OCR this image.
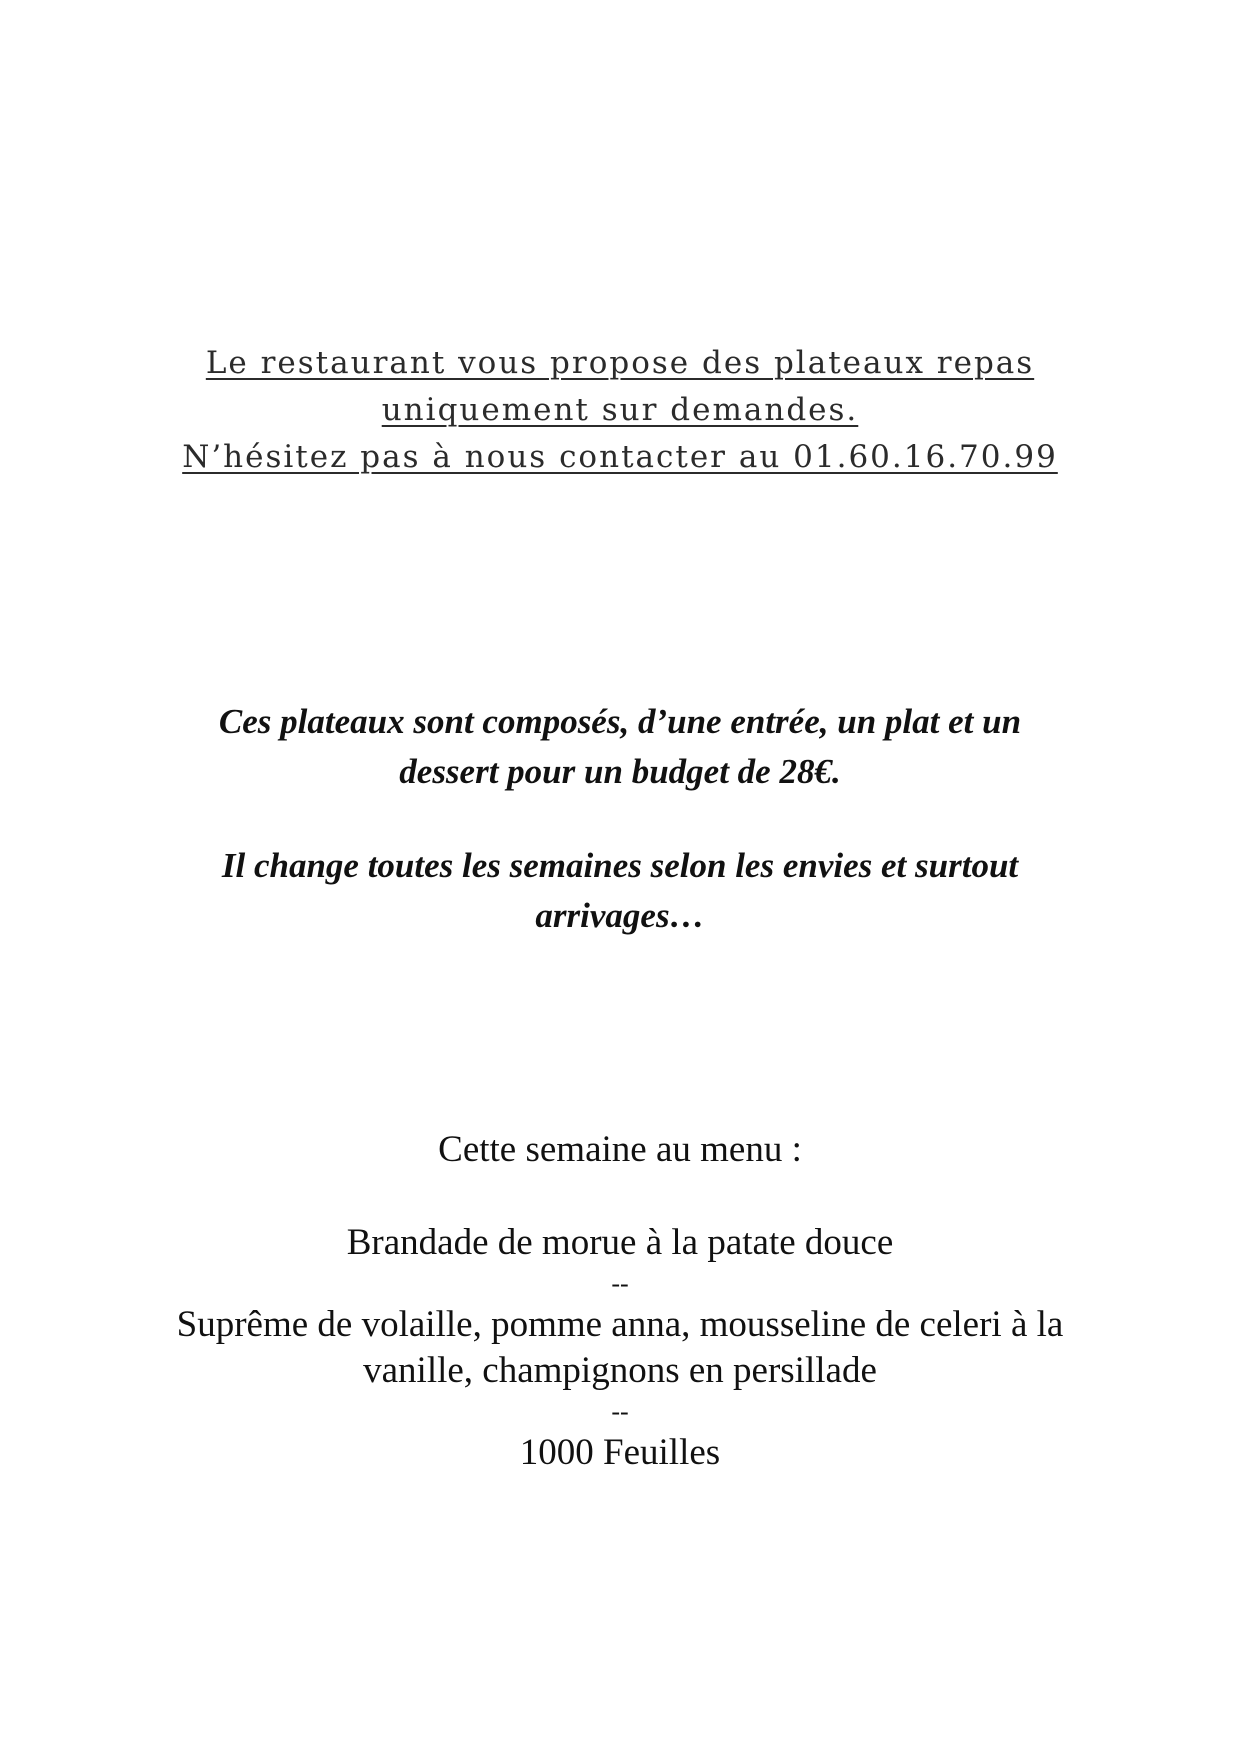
Le restaurant vous propose des plateaux repas
uniquement sur demandes.
N’hésitez pas à nous contacter au 01.60.16.70.99
Ces plateaux sont composés, d’une entrée, un plat et un
dessert pour un budget de 28€.
Il change toutes les semaines selon les envies et surtout
arrivages…
Cette semaine au menu :
Brandade de morue à la patate douce
--
Suprême de volaille, pomme anna, mousseline de celeri à la
vanille, champignons en persillade
--
1000 Feuilles
